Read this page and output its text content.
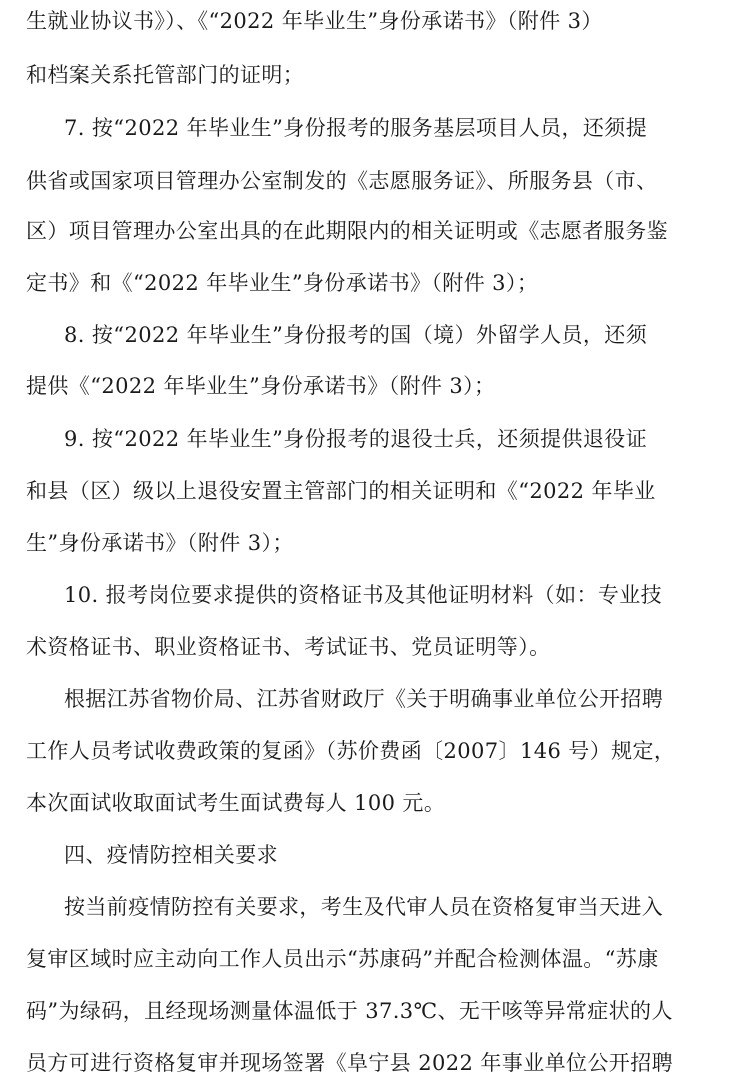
生就业协议书》）、《“2022 年毕业生”身份承诺书》（附件 3）
和档案关系托管部门的证明；
7. 按“2022 年毕业生”身份报考的服务基层项目人员，还须提
供省或国家项目管理办公室制发的《志愿服务证》、所服务县（市、
区）项目管理办公室出具的在此期限内的相关证明或《志愿者服务鉴
定书》和《“2022 年毕业生”身份承诺书》（附件 3）；
8. 按“2022 年毕业生”身份报考的国（境）外留学人员，还须
提供《“2022 年毕业生”身份承诺书》（附件 3）；
9. 按“2022 年毕业生”身份报考的退役士兵，还须提供退役证
和县（区）级以上退役安置主管部门的相关证明和《“2022 年毕业
生”身份承诺书》（附件 3）；
10. 报考岗位要求提供的资格证书及其他证明材料（如：专业技
术资格证书、职业资格证书、考试证书、党员证明等）。
根据江苏省物价局、江苏省财政厅《关于明确事业单位公开招聘
工作人员考试收费政策的复函》（苏价费函〔2007〕146 号）规定，
本次面试收取面试考生面试费每人 100 元。
四、疫情防控相关要求
按当前疫情防控有关要求，考生及代审人员在资格复审当天进入
复审区域时应主动向工作人员出示“苏康码”并配合检测体温。“苏康
码”为绿码，且经现场测量体温低于 37.3℃、无干咳等异常症状的人
员方可进行资格复审并现场签署《阜宁县 2022 年事业单位公开招聘
